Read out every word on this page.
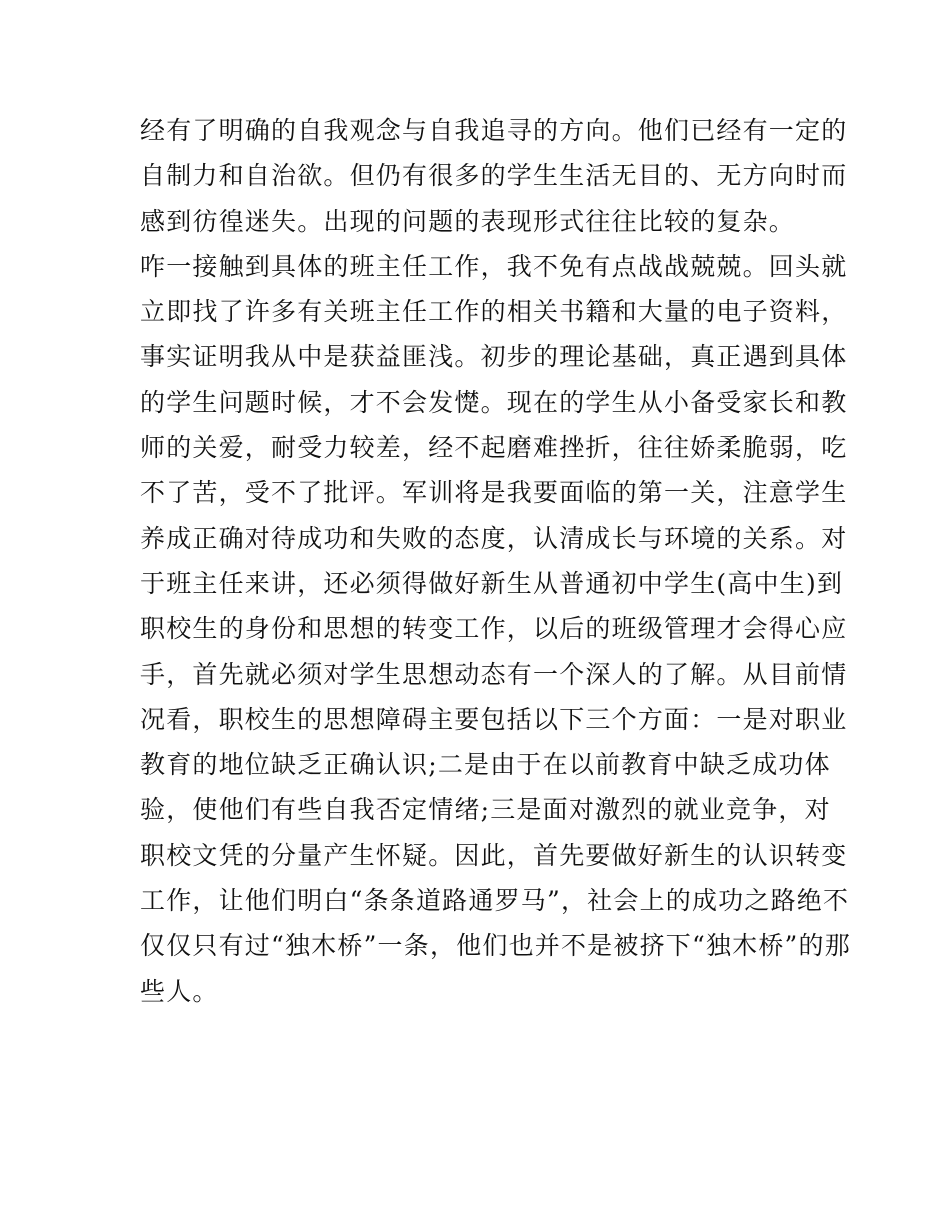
经有了明确的自我观念与自我追寻的方向。他们已经有一定的
自制力和自治欲。但仍有很多的学生生活无目的、无方向时而
感到彷徨迷失。出现的问题的表现形式往往比较的复杂。
咋一接触到具体的班主任工作，我不免有点战战兢兢。回头就
立即找了许多有关班主任工作的相关书籍和大量的电子资料，
事实证明我从中是获益匪浅。初步的理论基础，真正遇到具体
的学生问题时候，才不会发憷。现在的学生从小备受家长和教
师的关爱，耐受力较差，经不起磨难挫折，往往娇柔脆弱，吃
不了苦，受不了批评。军训将是我要面临的第一关，注意学生
养成正确对待成功和失败的态度，认清成长与环境的关系。对
于班主任来讲，还必须得做好新生从普通初中学生(高中生)到
职校生的身份和思想的转变工作，以后的班级管理才会得心应
手，首先就必须对学生思想动态有一个深人的了解。从目前情
况看，职校生的思想障碍主要包括以下三个方面：一是对职业
教育的地位缺乏正确认识;二是由于在以前教育中缺乏成功体
验，使他们有些自我否定情绪;三是面对激烈的就业竞争，对
职校文凭的分量产生怀疑。因此，首先要做好新生的认识转变
工作，让他们明白“条条道路通罗马”，社会上的成功之路绝不
仅仅只有过“独木桥”一条，他们也并不是被挤下“独木桥”的那
些人。
